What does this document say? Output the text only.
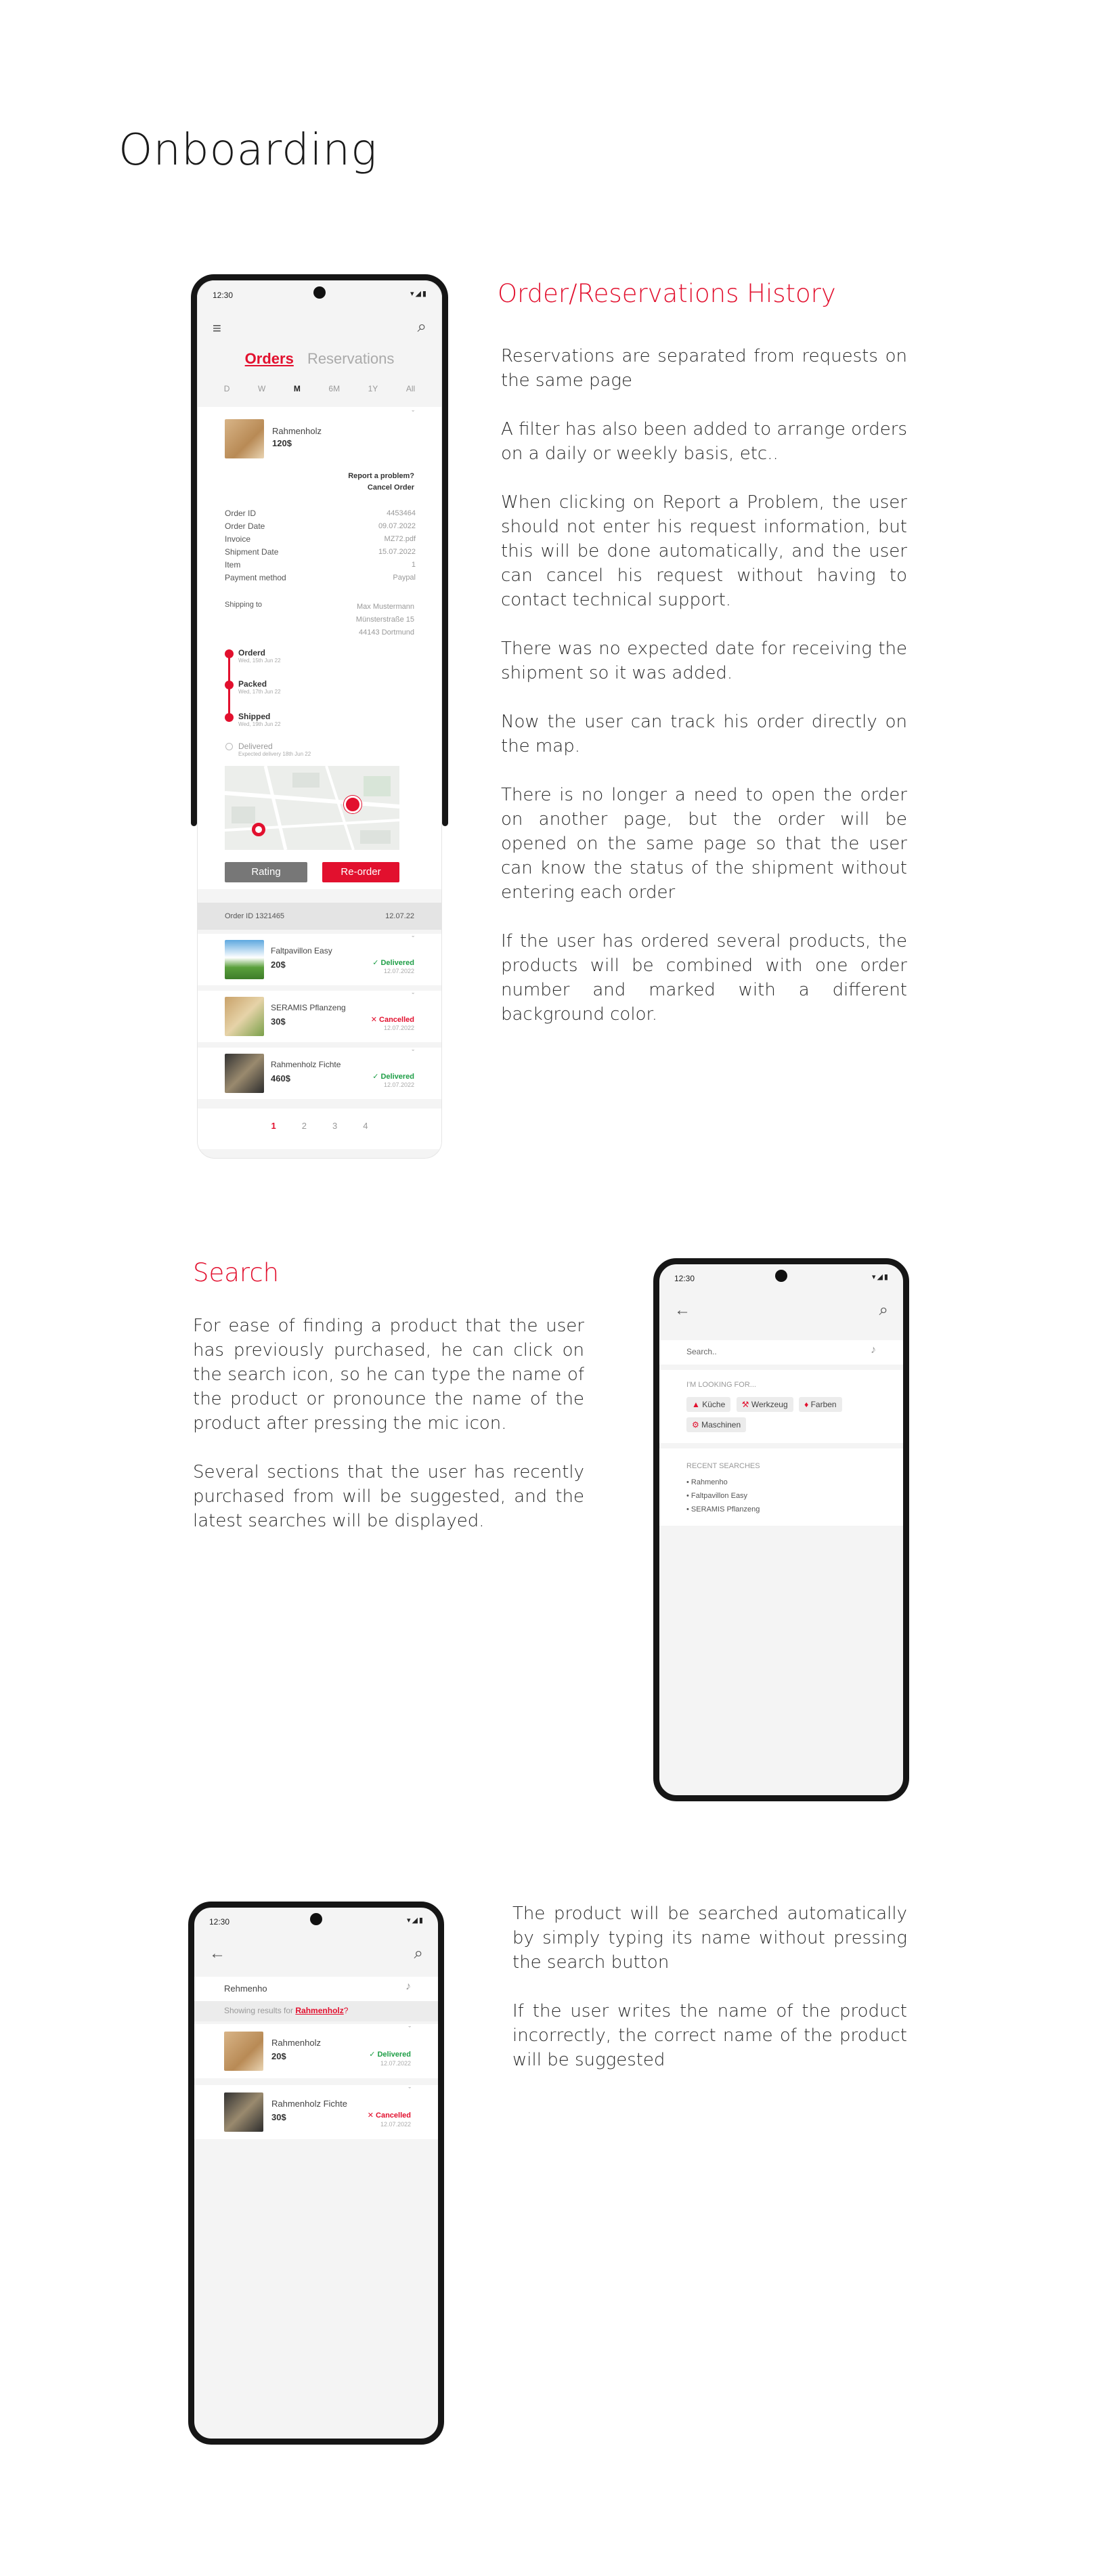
Onboarding
12:30	▾◢▮
≡	⌕
Orders Reservations
D	W	M	6M	1Y	All
ˇ
Rahmenholz
120$
Report a problem?
Cancel Order
Order ID	4453464
Order Date	09.07.2022
Invoice	MZ72.pdf
Shipment Date	15.07.2022
Item	1
Payment method	Paypal
Shipping to	Max Mustermann
Münsterstraße 15
44143 Dortmund
Orderd
Wed, 15th Jun 22
Packed
Wed, 17th Jun 22
Shipped
Wed, 19th Jun 22
Delivered
Expected delivery 18th Jun 22
Rating	Re-order
Order ID 1321465	12.07.22
ˇ
Faltpavillon Easy
20$	✓ Delivered
12.07.2022
ˇ
SERAMIS Pflanzeng
30$	✕ Cancelled
12.07.2022
ˇ
Rahmenholz Fichte
460$	✓ Delivered
12.07.2022
1	2	3	4
Order/Reservations History

Reservations are separated from requests on the same page

A filter has also been added to arrange orders on a daily or weekly basis, etc..

When clicking on Report a Problem, the user should not enter his request information, but this will be done automatically, and the user can cancel his request without having to contact technical support.

There was no expected date for receiving the shipment so it was added.

Now the user can track his order directly on the map.

There is no longer a need to open the order on another page, but the order will be opened on the same page so that the user can know the status of the shipment without entering each order

If the user has ordered several products, the products will be combined with one order number and marked with a different background color.

Search

For ease of finding a product that the user has previously purchased, he can click on the search icon, so he can type the name of the product or pronounce the name of the product after pressing the mic icon.

Several sections that the user has recently purchased from will be suggested, and the latest searches will be displayed.

12:30	▾◢▮
←	⌕
Search..	♪
I'M LOOKING FOR...
▲ Küche ⚒ Werkzeug ♦ Farben ⚙ Maschinen
RECENT SEARCHES
• Rahmenho
• Faltpavillon Easy
• SERAMIS Pflanzeng
12:30	▾◢▮
←	⌕
Rehmenho	♪
Showing results for Rahmenholz?
ˇ
Rahmenholz
20$	✓ Delivered
12.07.2022
ˇ
Rahmenholz Fichte
30$	✕ Cancelled
12.07.2022

The product will be searched automatically by simply typing its name without pressing the search button

If the user writes the name of the product incorrectly, the correct name of the product will be suggested
